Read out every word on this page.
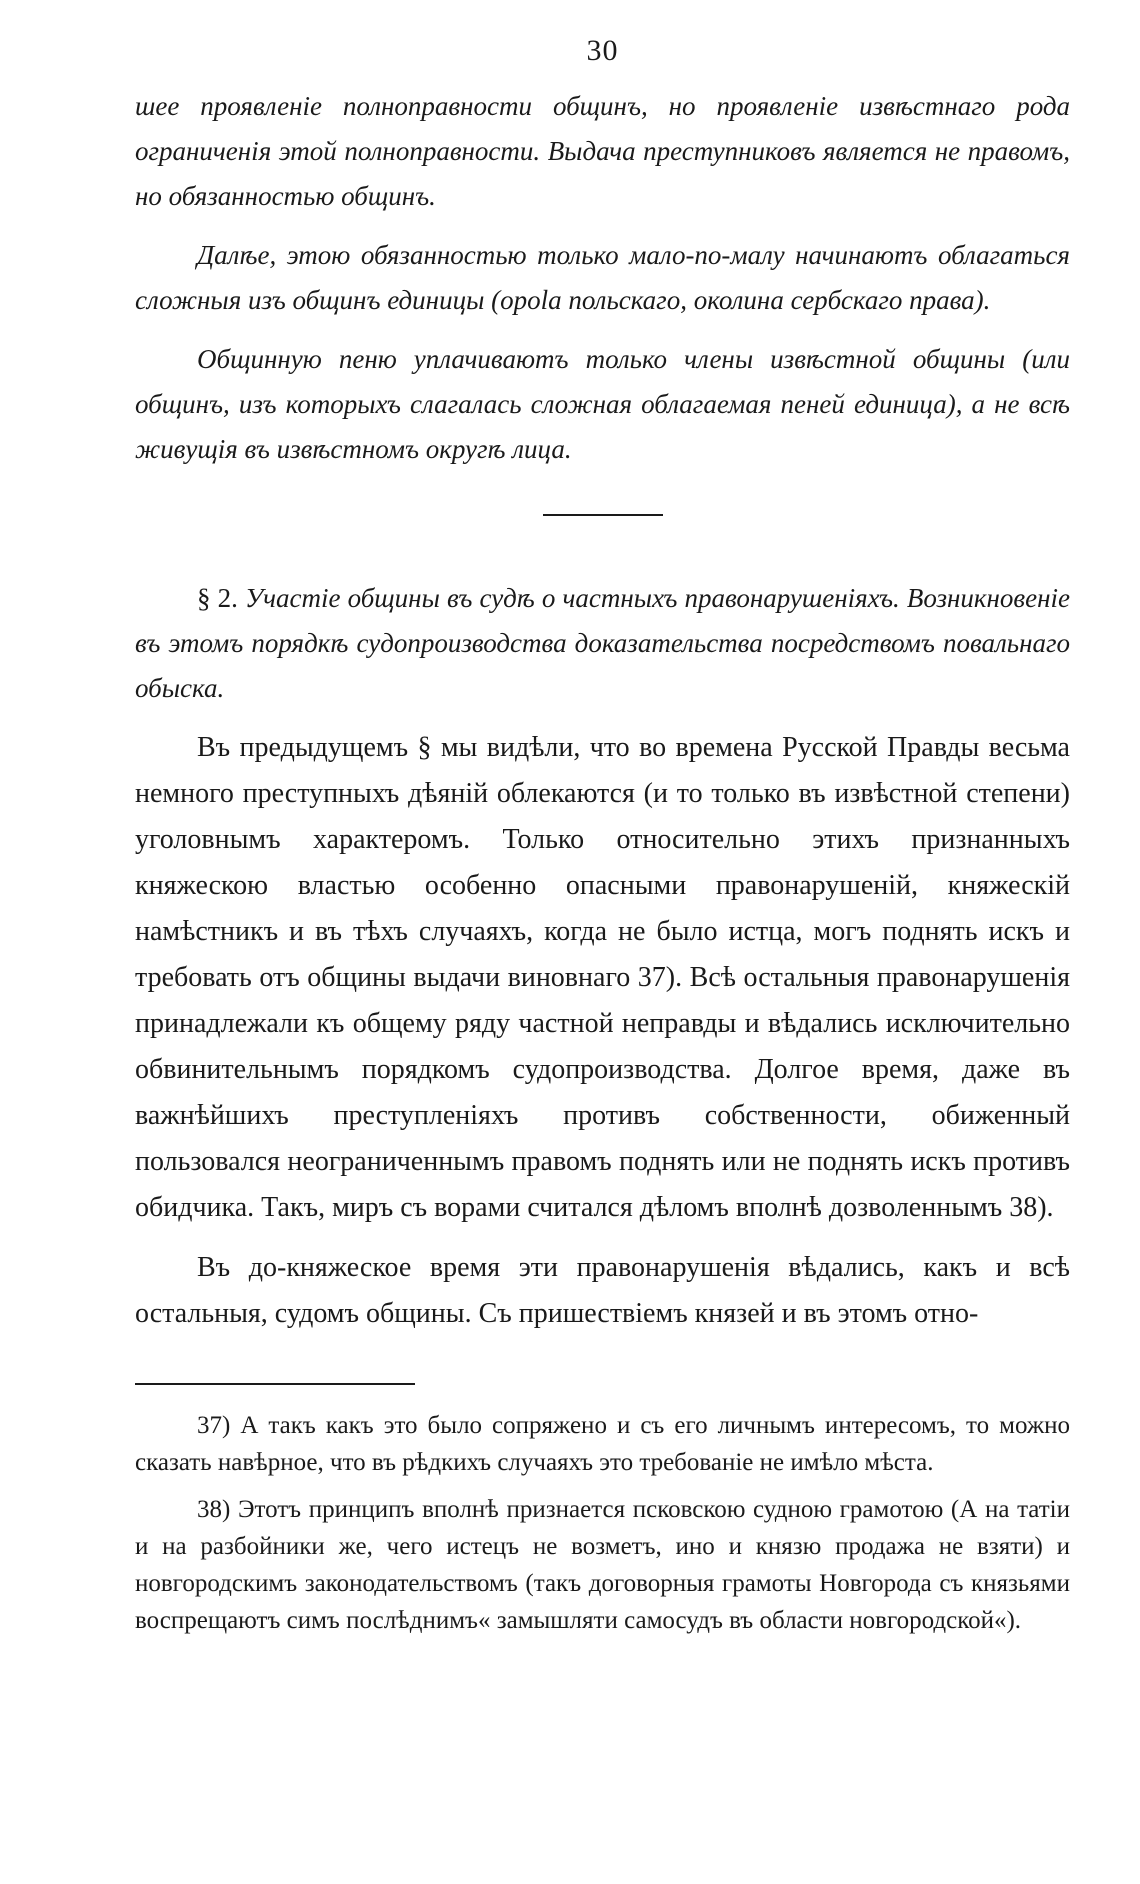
30

шее проявленіе полноправности общинъ, но проявленіе извѣстнаго рода ограниченія этой полноправности. Выдача преступниковъ является не правомъ, но обязанностью общинъ.

Далѣе, этою обязанностью только мало-по-малу начинаютъ облагаться сложныя изъ общинъ единицы (opola польскаго, околина сербскаго права).

Общинную пеню уплачиваютъ только члены извѣстной общины (или общинъ, изъ которыхъ слагалась сложная облагаемая пеней единица), а не всѣ живущія въ извѣстномъ округѣ лица.

§ 2. Участіе общины въ судѣ о частныхъ правонарушеніяхъ. Возникновеніе въ этомъ порядкѣ судопроизводства доказательства посредствомъ повальнаго обыска.

Въ предыдущемъ § мы видѣли, что во времена Русской Правды весьма немного преступныхъ дѣяній облекаются (и то только въ извѣстной степени) уголовнымъ характеромъ. Только относительно этихъ признанныхъ княжескою властью особенно опасными правонарушеній, княжескій намѣстникъ и въ тѣхъ случаяхъ, когда не было истца, могъ поднять искъ и требовать отъ общины выдачи виновнаго 37). Всѣ остальныя правонарушенія принадлежали къ общему ряду частной неправды и вѣдались исключительно обвинительнымъ порядкомъ судопроизводства. Долгое время, даже въ важнѣйшихъ преступленіяхъ противъ собственности, обиженный пользовался неограниченнымъ правомъ поднять или не поднять искъ противъ обидчика. Такъ, миръ съ ворами считался дѣломъ вполнѣ дозволеннымъ 38).

Въ до-княжеское время эти правонарушенія вѣдались, какъ и всѣ остальныя, судомъ общины. Съ пришествіемъ князей и въ этомъ отно-

37) А такъ какъ это было сопряжено и съ его личнымъ интересомъ, то можно сказать навѣрное, что въ рѣдкихъ случаяхъ это требованіе не имѣло мѣста.

38) Этотъ принципъ вполнѣ признается псковскою судною грамотою (А на татіи и на разбойники же, чего истецъ не возметъ, ино и князю продажа не взяти) и новгородскимъ законодательствомъ (такъ договорныя грамоты Новгорода съ князьями воспрещаютъ симъ послѣднимъ« замышляти самосудъ въ области новгородской«).
